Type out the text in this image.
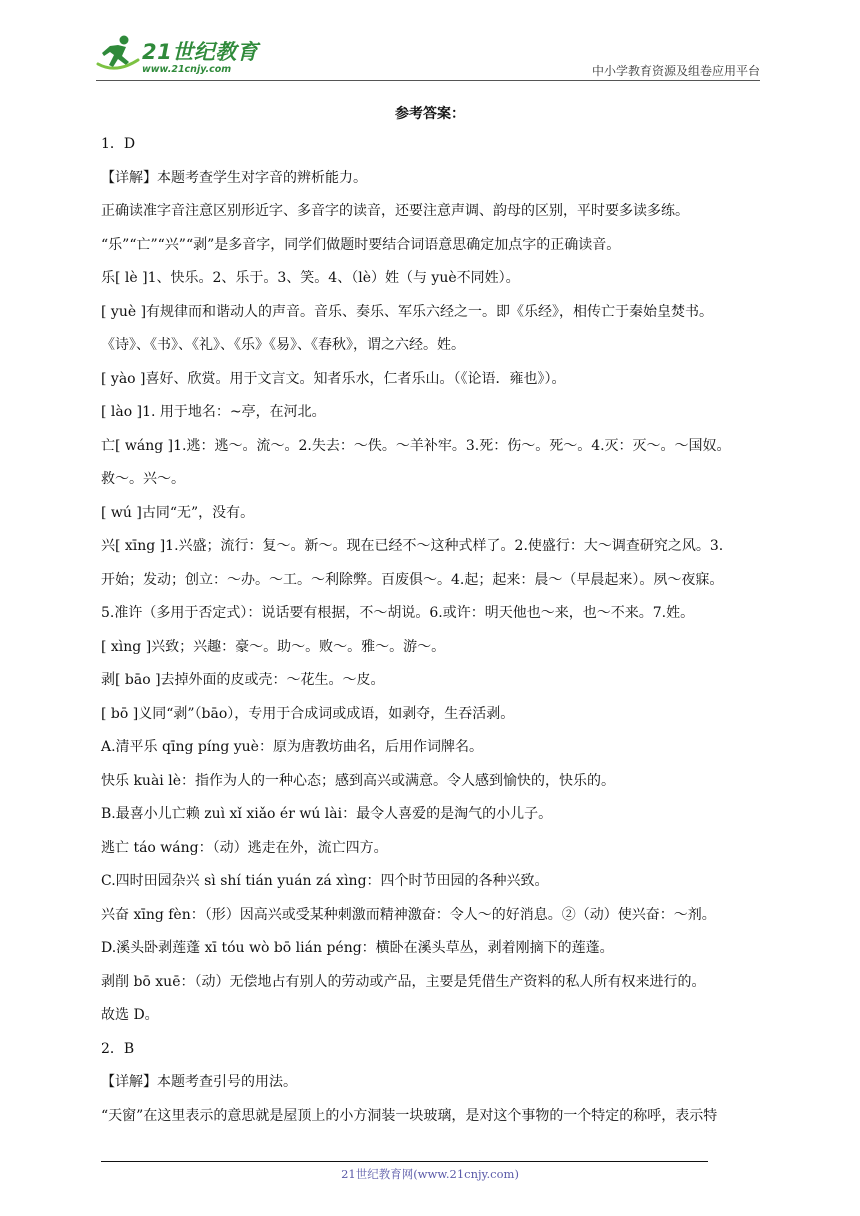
21世纪教育
www.21cnjy.com	中小学教育资源及组卷应用平台
参考答案：

1．D

【详解】本题考查学生对字音的辨析能力。

正确读准字音注意区别形近字、多音字的读音，还要注意声调、韵母的区别，平时要多读多练。

“乐”“亡”“兴”“剥”是多音字，同学们做题时要结合词语意思确定加点字的正确读音。

乐[ lè ]1、快乐。2、乐于。3、笑。4、（lè）姓（与 yuè不同姓）。

[ yuè ]有规律而和谐动人的声音。音乐、奏乐、军乐六经之一。即《乐经》，相传亡于秦始皇焚书。

《诗》、《书》、《礼》、《乐》《易》、《春秋》，谓之六经。姓。

[ yào ]喜好、欣赏。用于文言文。知者乐水，仁者乐山。（《论语．雍也》）。

[ lào ]1. 用于地名：~亭，在河北。

亡[ wáng ]1.逃：逃～。流～。2.失去：～佚。～羊补牢。3.死：伤～。死～。4.灭：灭～。～国奴。

救～。兴～。

[ wú ]古同“无”，没有。

兴[ xīng ]1.兴盛；流行：复～。新～。现在已经不～这种式样了。2.使盛行：大～调查研究之风。3.

开始；发动；创立：～办。～工。～利除弊。百废俱～。4.起；起来：晨～（早晨起来）。夙～夜寐。

5.准许（多用于否定式）：说话要有根据，不～胡说。6.或许：明天他也～来，也～不来。7.姓。

[ xìng ]兴致；兴趣：豪～。助～。败～。雅～。游～。

剥[ bāo ]去掉外面的皮或壳：～花生。～皮。

[ bō ]义同“剥”（bāo），专用于合成词或成语，如剥夺，生吞活剥。

A.清平乐 qīng píng yuè：原为唐教坊曲名，后用作词牌名。

快乐 kuài lè：指作为人的一种心态；感到高兴或满意。令人感到愉快的，快乐的。

B.最喜小儿亡赖 zuì xǐ xiǎo ér wú lài：最令人喜爱的是淘气的小儿子。

逃亡 táo wáng：（动）逃走在外，流亡四方。

C.四时田园杂兴 sì shí tián yuán zá xìng：四个时节田园的各种兴致。

兴奋 xīng fèn：（形）因高兴或受某种刺激而精神激奋：令人～的好消息。②（动）使兴奋：～剂。

D.溪头卧剥莲蓬 xī tóu wò bō lián péng：横卧在溪头草丛，剥着刚摘下的莲蓬。

剥削 bō xuē：（动）无偿地占有别人的劳动或产品，主要是凭借生产资料的私人所有权来进行的。

故选 D。

2．B

【详解】本题考查引号的用法。

“天窗”在这里表示的意思就是屋顶上的小方洞装一块玻璃，是对这个事物的一个特定的称呼，表示特

21世纪教育网(www.21cnjy.com)
